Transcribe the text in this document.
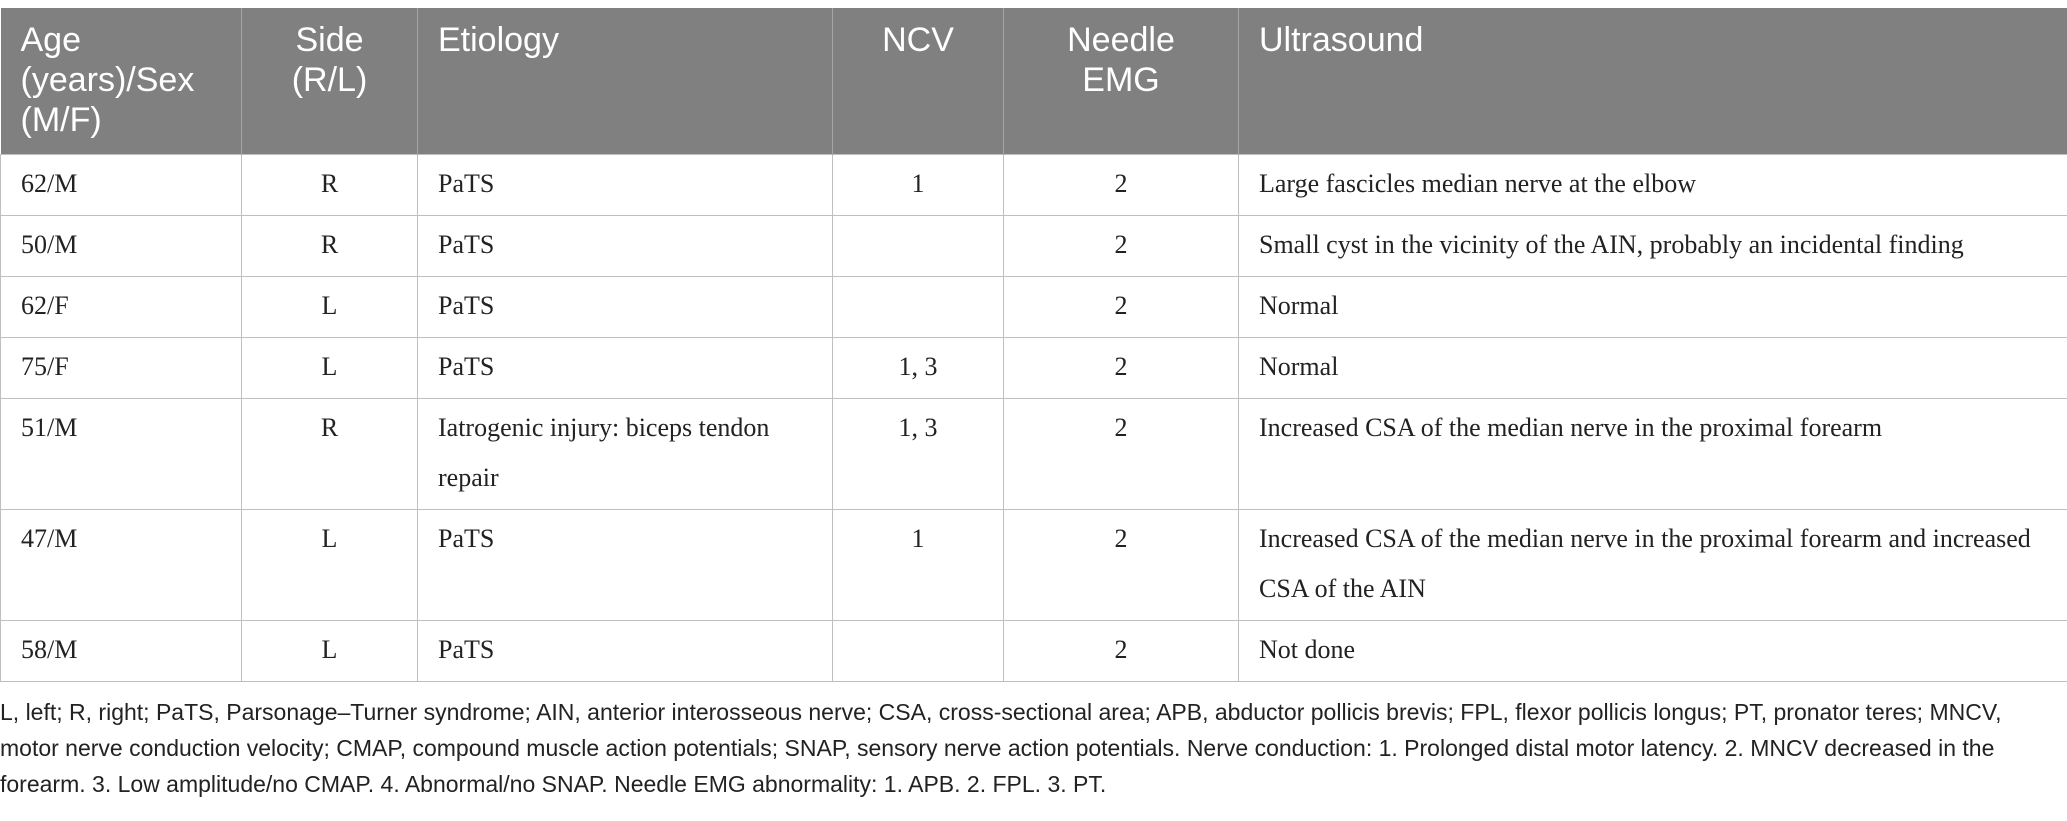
Age (years)/Sex (M/F)	Side (R/L)	Etiology	NCV	Needle EMG	Ultrasound
62/M	R	PaTS	1	2	Large fascicles median nerve at the elbow
50/M	R	PaTS		2	Small cyst in the vicinity of the AIN, probably an incidental finding
62/F	L	PaTS		2	Normal
75/F	L	PaTS	1, 3	2	Normal
51/M	R	Iatrogenic injury: biceps tendon repair	1, 3	2	Increased CSA of the median nerve in the proximal forearm
47/M	L	PaTS	1	2	Increased CSA of the median nerve in the proximal forearm and increased CSA of the AIN
58/M	L	PaTS		2	Not done

L, left; R, right; PaTS, Parsonage–Turner syndrome; AIN, anterior interosseous nerve; CSA, cross-sectional area; APB, abductor pollicis brevis; FPL, flexor pollicis longus; PT, pronator teres; MNCV, motor nerve conduction velocity; CMAP, compound muscle action potentials; SNAP, sensory nerve action potentials. Nerve conduction: 1. Prolonged distal motor latency. 2. MNCV decreased in the forearm. 3. Low amplitude/no CMAP. 4. Abnormal/no SNAP. Needle EMG abnormality: 1. APB. 2. FPL. 3. PT.
